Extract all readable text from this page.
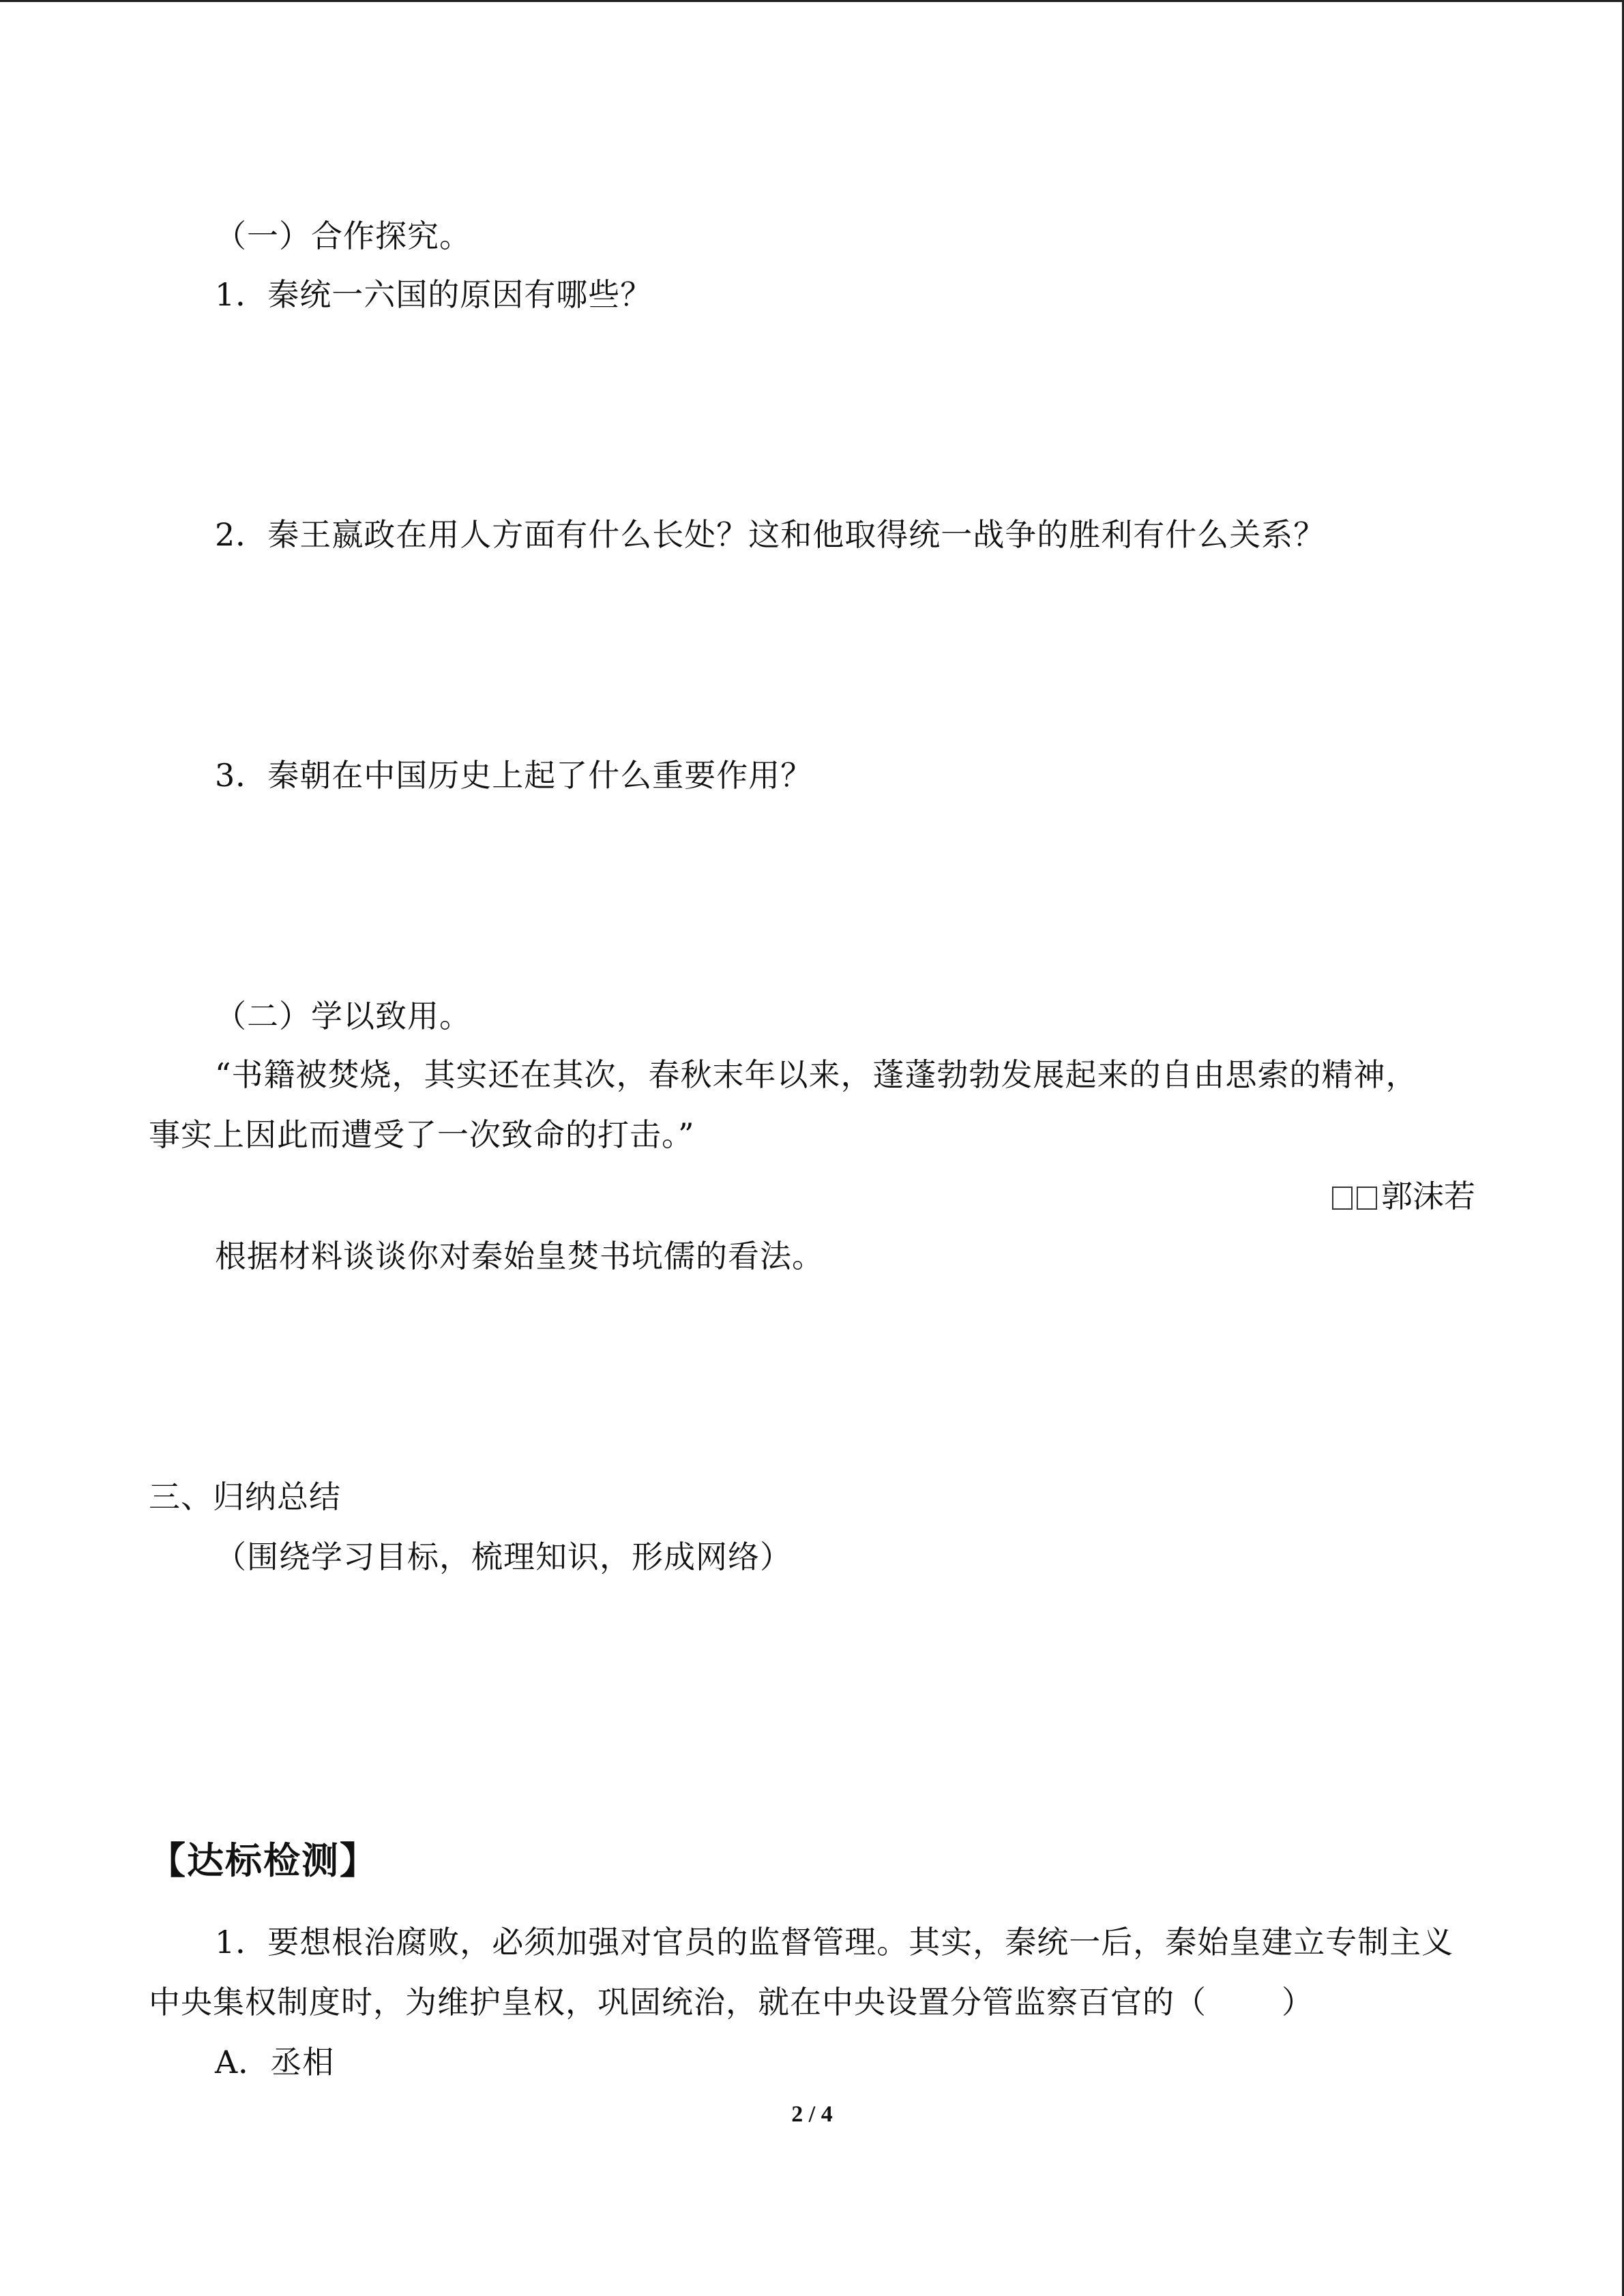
（一）合作探究。
1．秦统一六国的原因有哪些？
2．秦王嬴政在用人方面有什么长处？这和他取得统一战争的胜利有什么关系？
3．秦朝在中国历史上起了什么重要作用？
（二）学以致用。
“书籍被焚烧，其实还在其次，春秋末年以来，蓬蓬勃勃发展起来的自由思索的精神，
事实上因此而遭受了一次致命的打击。”
郭沫若
根据材料谈谈你对秦始皇焚书坑儒的看法。
三、归纳总结
（围绕学习目标，梳理知识，形成网络）
【达标检测】
1．要想根治腐败，必须加强对官员的监督管理。其实，秦统一后，秦始皇建立专制主义
中央集权制度时，为维护皇权，巩固统治，就在中央设置分管监察百官的（ ）
A．丞相
2 / 4
